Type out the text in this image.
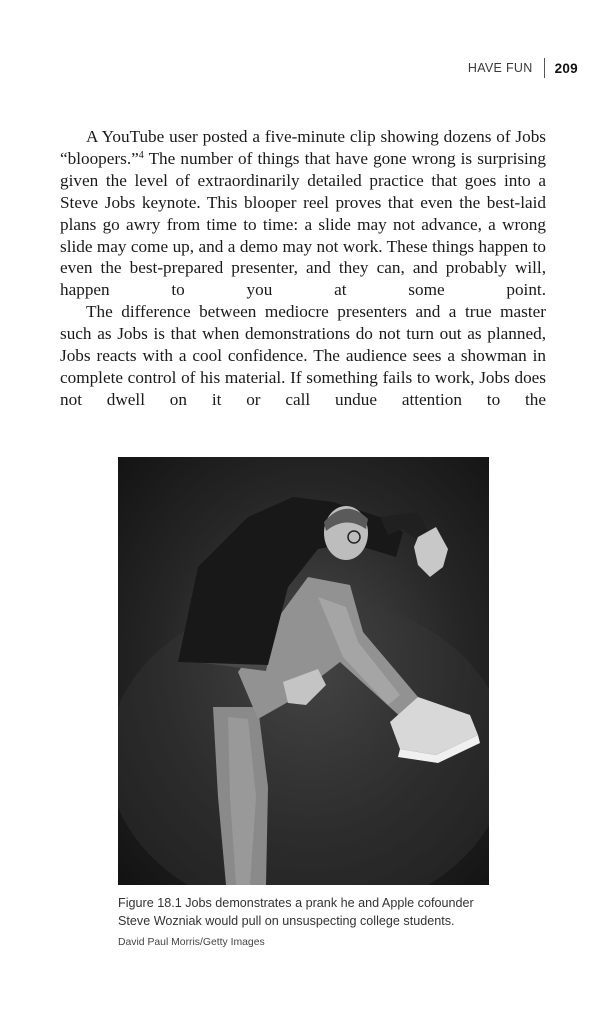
HAVE FUN 209

A YouTube user posted a five-minute clip showing dozens of Jobs “bloopers.”$^4$ The number of things that have gone wrong is surprising given the level of extraordinarily detailed practice that goes into a Steve Jobs keynote. This blooper reel proves that even the best-laid plans go awry from time to time: a slide may not advance, a wrong slide may come up, and a demo may not work. These things happen to even the best-prepared presenter, and they can, and probably will, happen to you at some point.

The difference between mediocre presenters and a true master such as Jobs is that when demonstrations do not turn out as planned, Jobs reacts with a cool confidence. The audience sees a showman in complete control of his material. If something fails to work, Jobs does not dwell on it or call undue attention to the

Figure 18.1 Jobs demonstrates a prank he and Apple cofounder
Steve Wozniak would pull on unsuspecting college students.
David Paul Morris/Getty Images
